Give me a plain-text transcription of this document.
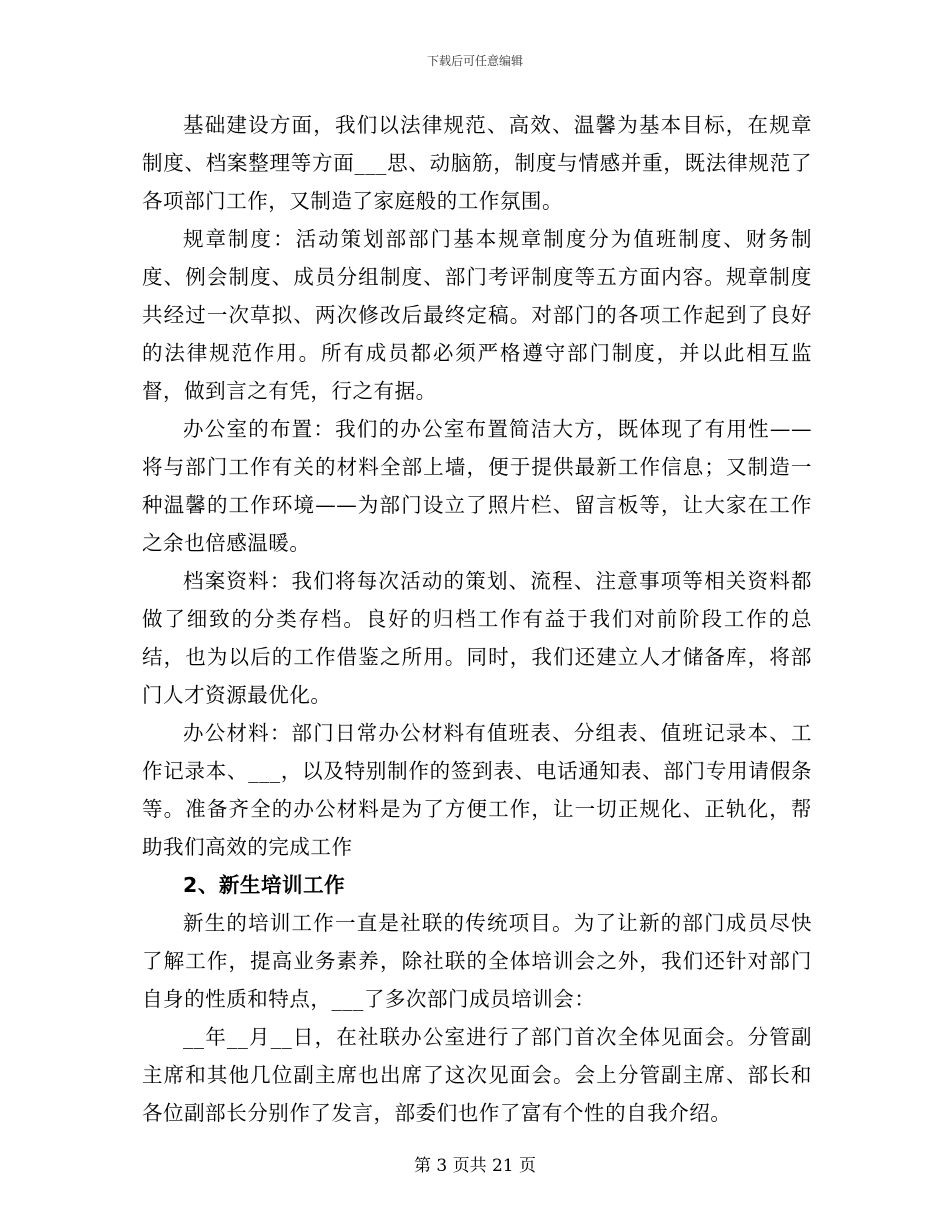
下载后可任意编辑

基础建设方面，我们以法律规范、高效、温馨为基本目标，在规章制度、档案整理等方面___思、动脑筋，制度与情感并重，既法律规范了各项部门工作，又制造了家庭般的工作氛围。

规章制度：活动策划部部门基本规章制度分为值班制度、财务制度、例会制度、成员分组制度、部门考评制度等五方面内容。规章制度共经过一次草拟、两次修改后最终定稿。对部门的各项工作起到了良好的法律规范作用。所有成员都必须严格遵守部门制度，并以此相互监督，做到言之有凭，行之有据。

办公室的布置：我们的办公室布置简洁大方，既体现了有用性——将与部门工作有关的材料全部上墙，便于提供最新工作信息；又制造一种温馨的工作环境——为部门设立了照片栏、留言板等，让大家在工作之余也倍感温暖。

档案资料：我们将每次活动的策划、流程、注意事项等相关资料都做了细致的分类存档。良好的归档工作有益于我们对前阶段工作的总结，也为以后的工作借鉴之所用。同时，我们还建立人才储备库，将部门人才资源最优化。

办公材料：部门日常办公材料有值班表、分组表、值班记录本、工作记录本、___，以及特别制作的签到表、电话通知表、部门专用请假条等。准备齐全的办公材料是为了方便工作，让一切正规化、正轨化，帮助我们高效的完成工作

2、新生培训工作

新生的培训工作一直是社联的传统项目。为了让新的部门成员尽快了解工作，提高业务素养，除社联的全体培训会之外，我们还针对部门自身的性质和特点，___了多次部门成员培训会：

__年__月__日，在社联办公室进行了部门首次全体见面会。分管副主席和其他几位副主席也出席了这次见面会。会上分管副主席、部长和各位副部长分别作了发言，部委们也作了富有个性的自我介绍。

第 3 页共 21 页
